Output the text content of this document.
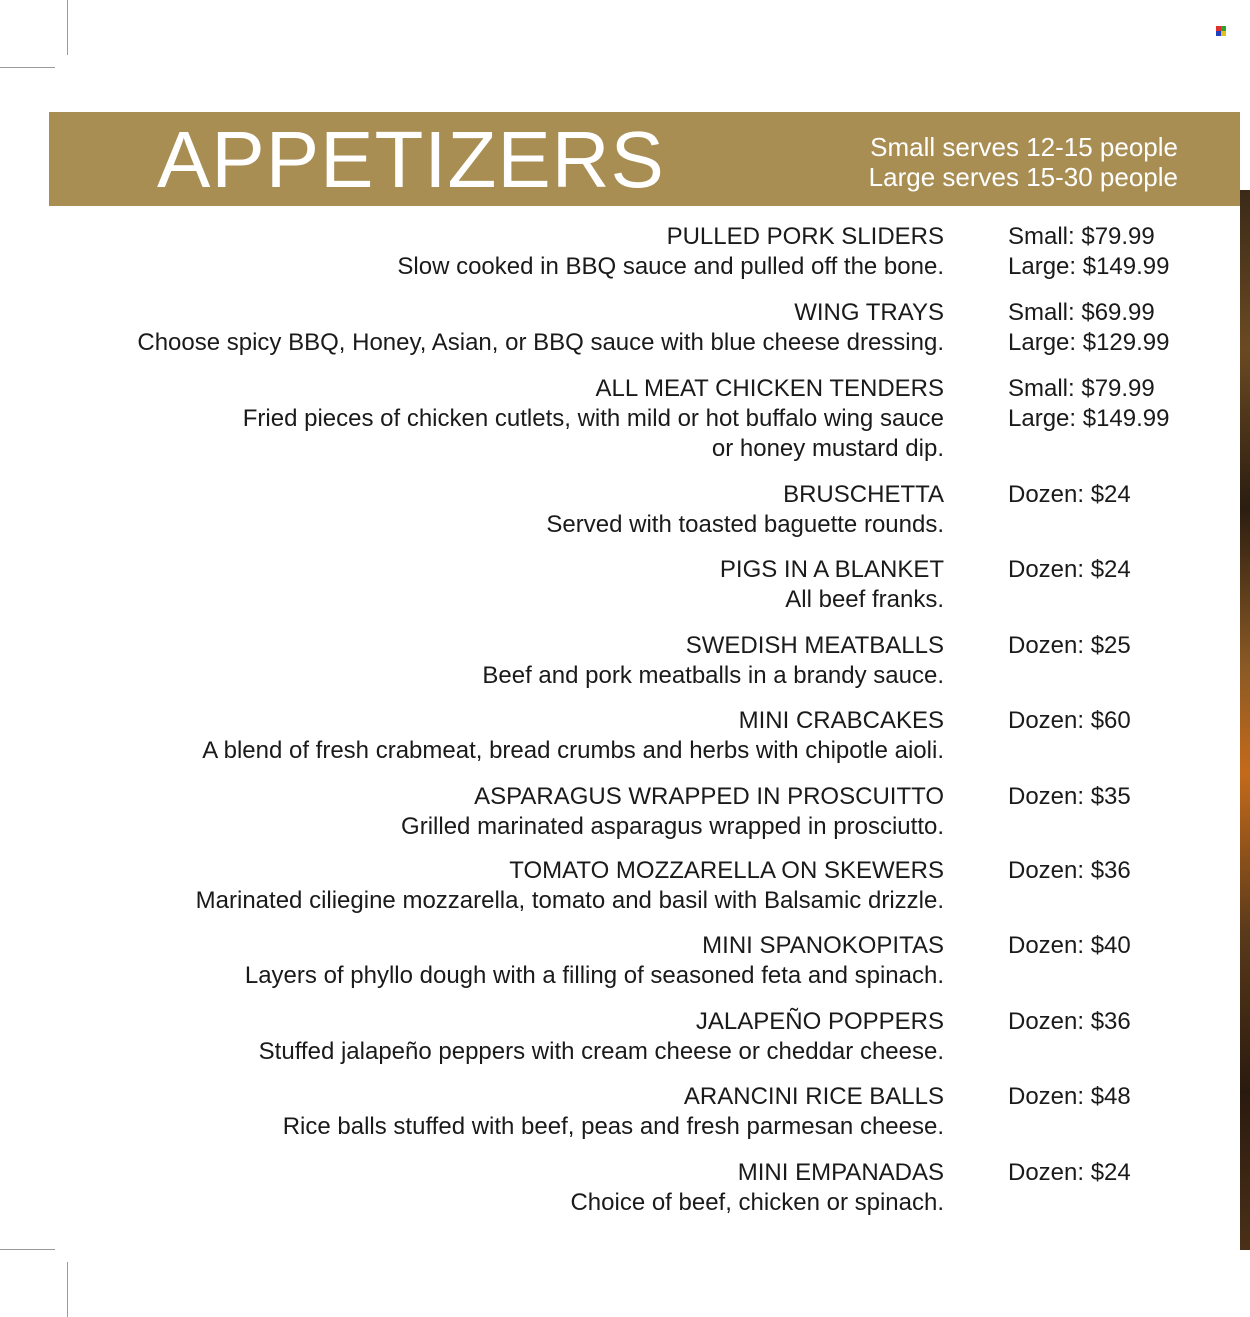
APPETIZERS	Small serves 12-15 people
Large serves 15-30 people
PULLED PORK SLIDERS
Slow cooked in BBQ sauce and pulled off the bone.
Small: $79.99
Large: $149.99
WING TRAYS
Choose spicy BBQ, Honey, Asian, or BBQ sauce with blue cheese dressing.
Small: $69.99
Large: $129.99
ALL MEAT CHICKEN TENDERS
Fried pieces of chicken cutlets, with mild or hot buffalo wing sauce
or honey mustard dip.
Small: $79.99
Large: $149.99
BRUSCHETTA
Served with toasted baguette rounds.
Dozen: $24
PIGS IN A BLANKET
All beef franks.
Dozen: $24
SWEDISH MEATBALLS
Beef and pork meatballs in a brandy sauce.
Dozen: $25
MINI CRABCAKES
A blend of fresh crabmeat, bread crumbs and herbs with chipotle aioli.
Dozen: $60
ASPARAGUS WRAPPED IN PROSCUITTO
Grilled marinated asparagus wrapped in prosciutto.
Dozen: $35
TOMATO MOZZARELLA ON SKEWERS
Marinated ciliegine mozzarella, tomato and basil with Balsamic drizzle.
Dozen: $36
MINI SPANOKOPITAS
Layers of phyllo dough with a filling of seasoned feta and spinach.
Dozen: $40
JALAPEÑO POPPERS
Stuffed jalapeño peppers with cream cheese or cheddar cheese.
Dozen: $36
ARANCINI RICE BALLS
Rice balls stuffed with beef, peas and fresh parmesan cheese.
Dozen: $48
MINI EMPANADAS
Choice of beef, chicken or spinach.
Dozen: $24
